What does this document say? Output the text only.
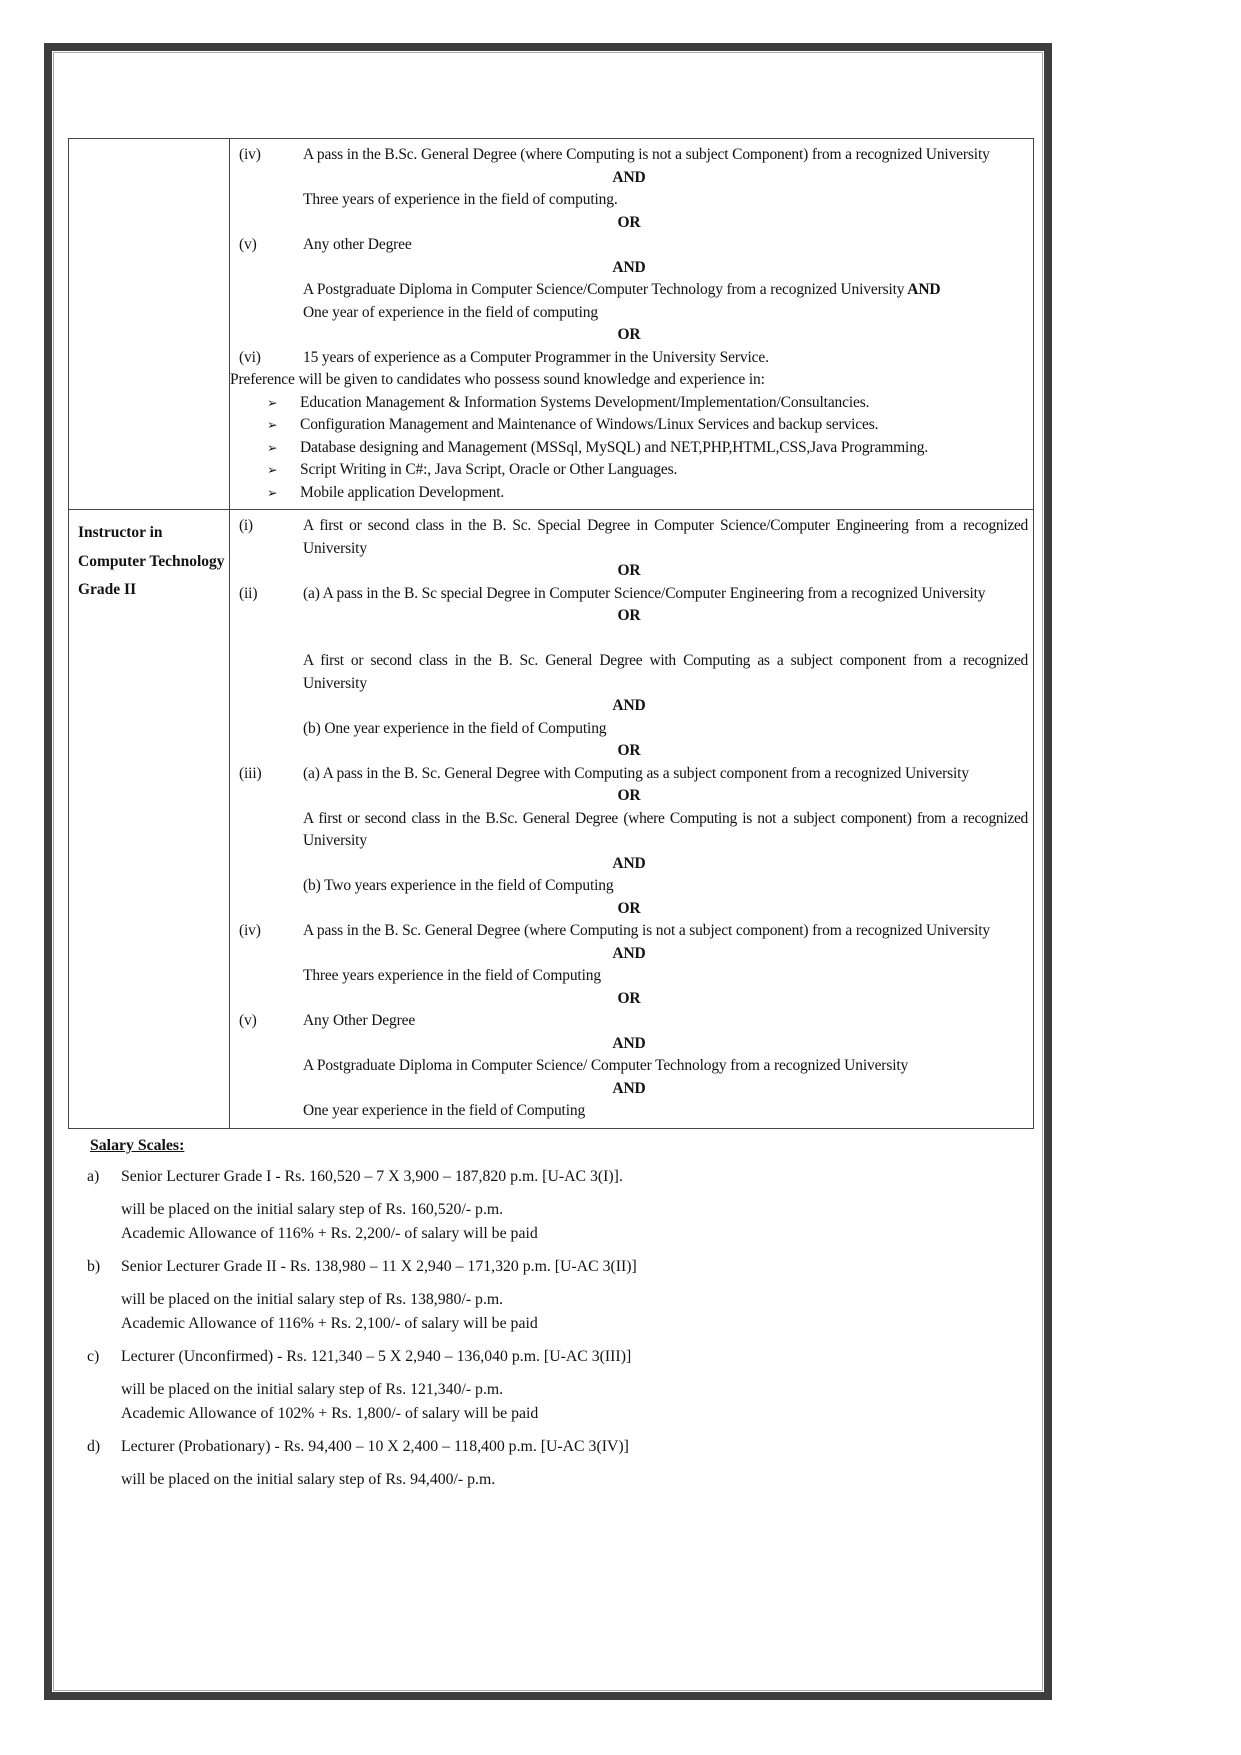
(iv)	A pass in the B.Sc. General Degree (where Computing is not a subject Component) from a recognized University
AND
Three years of experience in the field of computing.
OR
(v)	Any other Degree
AND
A Postgraduate Diploma in Computer Science/Computer Technology from a recognized University AND
One year of experience in the field of computing
OR
(vi)	15 years of experience as a Computer Programmer in the University Service.
Preference will be given to candidates who possess sound knowledge and experience in:
➢ Education Management & Information Systems Development/Implementation/Consultancies.
➢ Configuration Management and Maintenance of Windows/Linux Services and backup services.
➢ Database designing and Management (MSSql, MySQL) and NET,PHP,HTML,CSS,Java Programming.
➢ Script Writing in C#:, Java Script, Oracle or Other Languages.
➢ Mobile application Development.
Instructor in
Computer Technology
Grade II
(i)	A first or second class in the B. Sc. Special Degree in Computer Science/Computer Engineering from a recognized
University
OR
(ii)	(a) A pass in the B. Sc special Degree in Computer Science/Computer Engineering from a recognized University
OR
A first or second class in the B. Sc. General Degree with Computing as a subject component from a recognized
University
AND
(b) One year experience in the field of Computing
OR
(iii)	(a) A pass in the B. Sc. General Degree with Computing as a subject component from a recognized University
OR
A first or second class in the B.Sc. General Degree (where Computing is not a subject component) from a recognized
University
AND
(b) Two years experience in the field of Computing
OR
(iv)	A pass in the B. Sc. General Degree (where Computing is not a subject component) from a recognized University
AND
Three years experience in the field of Computing
OR
(v)	Any Other Degree
AND
A Postgraduate Diploma in Computer Science/ Computer Technology from a recognized University
AND
One year experience in the field of Computing
Salary Scales:
a) Senior Lecturer Grade I - Rs. 160,520 – 7 X 3,900 – 187,820 p.m. [U-AC 3(I)].
will be placed on the initial salary step of Rs. 160,520/- p.m.
Academic Allowance of 116% + Rs. 2,200/- of salary will be paid
b) Senior Lecturer Grade II - Rs. 138,980 – 11 X 2,940 – 171,320 p.m. [U-AC 3(II)]
will be placed on the initial salary step of Rs. 138,980/- p.m.
Academic Allowance of 116% + Rs. 2,100/- of salary will be paid
c) Lecturer (Unconfirmed) - Rs. 121,340 – 5 X 2,940 – 136,040 p.m. [U-AC 3(III)]
will be placed on the initial salary step of Rs. 121,340/- p.m.
Academic Allowance of 102% + Rs. 1,800/- of salary will be paid
d) Lecturer (Probationary) - Rs. 94,400 – 10 X 2,400 – 118,400 p.m. [U-AC 3(IV)]
will be placed on the initial salary step of Rs. 94,400/- p.m.
